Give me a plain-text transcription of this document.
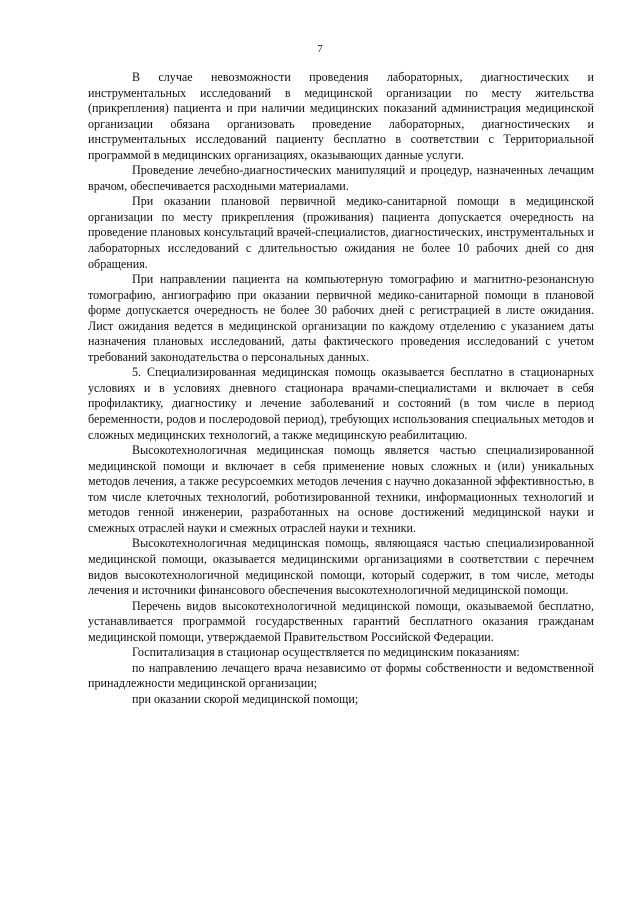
7

В случае невозможности проведения лабораторных, диагностических и инструментальных исследований в медицинской организации по месту жительства (прикрепления) пациента и при наличии медицинских показаний администрация медицинской организации обязана организовать проведение лабораторных, диагностических и инструментальных исследований пациенту бесплатно в соответствии с Территориальной программой в медицинских организациях, оказывающих данные услуги.

Проведение лечебно-диагностических манипуляций и процедур, назначенных лечащим врачом, обеспечивается расходными материалами.

При оказании плановой первичной медико-санитарной помощи в медицинской организации по месту прикрепления (проживания) пациента допускается очередность на проведение плановых консультаций врачей-специалистов, диагностических, инструментальных и лабораторных исследований с длительностью ожидания не более 10 рабочих дней со дня обращения.

При направлении пациента на компьютерную томографию и магнитно-резонансную томографию, ангиографию при оказании первичной медико-санитарной помощи в плановой форме допускается очередность не более 30 рабочих дней с регистрацией в листе ожидания. Лист ожидания ведется в медицинской организации по каждому отделению с указанием даты назначения плановых исследований, даты фактического проведения исследований с учетом требований законодательства о персональных данных.

5. Специализированная медицинская помощь оказывается бесплатно в стационарных условиях и в условиях дневного стационара врачами-специалистами и включает в себя профилактику, диагностику и лечение заболеваний и состояний (в том числе в период беременности, родов и послеродовой период), требующих использования специальных методов и сложных медицинских технологий, а также медицинскую реабилитацию.

Высокотехнологичная медицинская помощь является частью специализированной медицинской помощи и включает в себя применение новых сложных и (или) уникальных методов лечения, а также ресурсоемких методов лечения с научно доказанной эффективностью, в том числе клеточных технологий, роботизированной техники, информационных технологий и методов генной инженерии, разработанных на основе достижений медицинской науки и смежных отраслей науки и смежных отраслей науки и техники.

Высокотехнологичная медицинская помощь, являющаяся частью специализированной медицинской помощи, оказывается медицинскими организациями в соответствии с перечнем видов высокотехнологичной медицинской помощи, который содержит, в том числе, методы лечения и источники финансового обеспечения высокотехнологичной медицинской помощи.

Перечень видов высокотехнологичной медицинской помощи, оказываемой бесплатно, устанавливается программой государственных гарантий бесплатного оказания гражданам медицинской помощи, утверждаемой Правительством Российской Федерации.

Госпитализация в стационар осуществляется по медицинским показаниям:

по направлению лечащего врача независимо от формы собственности и ведомственной принадлежности медицинской организации;

при оказании скорой медицинской помощи;
